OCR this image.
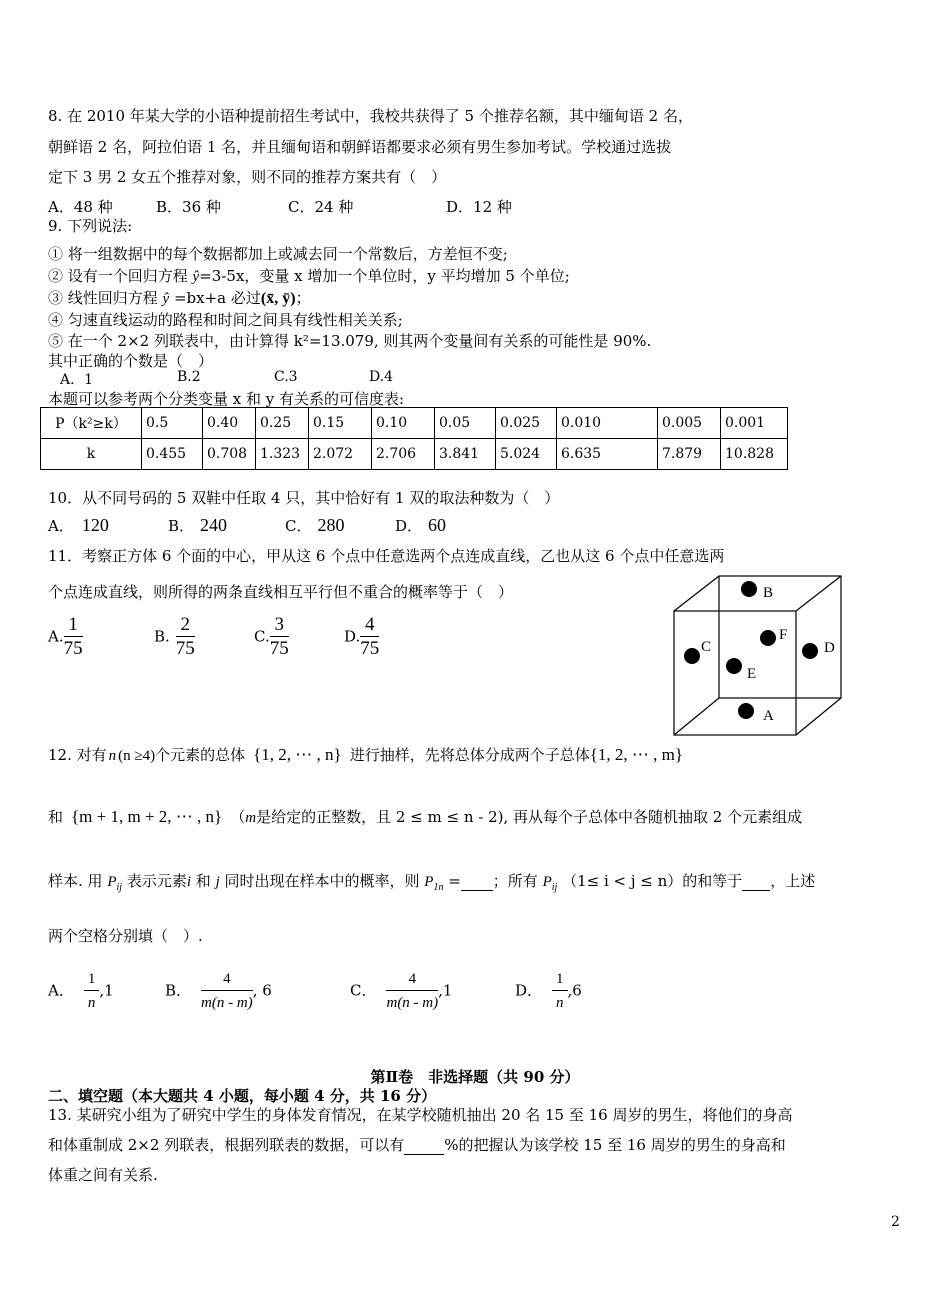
8. 在 2010 年某大学的小语种提前招生考试中，我校共获得了 5 个推荐名额，其中缅甸语 2 名，
朝鲜语 2 名，阿拉伯语 1 名，并且缅甸语和朝鲜语都要求必须有男生参加考试。学校通过选拔
定下 3 男 2 女五个推荐对象，则不同的推荐方案共有（　）
A．48 种	B．36 种	C．24 种	D．12 种
9. 下列说法:
① 将一组数据中的每个数据都加上或减去同一个常数后，方差恒不变;
② 设有一个回归方程 ŷ=3-5x，变量 x 增加一个单位时，y 平均增加 5 个单位;
③ 线性回归方程 ŷ =bx+a 必过(x̄, ȳ)；
④ 匀速直线运动的路程和时间之间具有线性相关关系;
⑤ 在一个 2×2 列联表中，由计算得 k²=13.079, 则其两个变量间有关系的可能性是 90%.
其中正确的个数是（　）
A．1	B.2	C.3	D.4
本题可以参考两个分类变量 x 和 y 有关系的可信度表:
P（k²≥k）	0.5	0.40	0.25	0.15	0.10	0.05	0.025	0.010	0.005	0.001
k	0.455	0.708	1.323	2.072	2.706	3.841	5.024	6.635	7.879	10.828
10．从不同号码的 5 双鞋中任取 4 只，其中恰好有 1 双的取法种数为（　）
A． 120	B． 240	C． 280	D． 60
11．考察正方体 6 个面的中心，甲从这 6 个点中任意选两个点连成直线，乙也从这 6 个点中任意选两
个点连成直线，则所得的两条直线相互平行但不重合的概率等于（　）
A. $\frac{1}{75}$	B. $\frac{2}{75}$	C. $\frac{3}{75}$	D. $\frac{4}{75}$
B
F
C	D
E
A
12. 对有 n (n ≥4)个元素的总体 {1, 2, ⋯ , n} 进行抽样，先将总体分成两个子总体{1, 2, ⋯ , m}
和 {m + 1, m + 2, ⋯ , n} （m是给定的正整数，且 2 ≤ m ≤ n - 2), 再从每个子总体中各随机抽取 2 个元素组成
样本. 用 $P_{ij}$ 表示元素i 和 j 同时出现在样本中的概率，则 $P_{1n}$ = ；所有 $P_{ij}$ （1≤ i < j ≤ n）的和等于 ，上述
两个空格分别填（　）.
A． $\frac{1}{n} ,1$	B． $\frac{4}{m(n - m)}$ , 6	C． $\frac{4}{m(n - m)} ,1$	D． $\frac{1}{n} ,6$
第Ⅱ卷　非选择题（共 90 分）
二、填空题（本大题共 4 小题，每小题 4 分，共 16 分）
13. 某研究小组为了研究中学生的身体发育情况，在某学校随机抽出 20 名 15 至 16 周岁的男生，将他们的身高
和体重制成 2×2 列联表，根据列联表的数据，可以有	%的把握认为该学校 15 至 16 周岁的男生的身高和
体重之间有关系.
2
